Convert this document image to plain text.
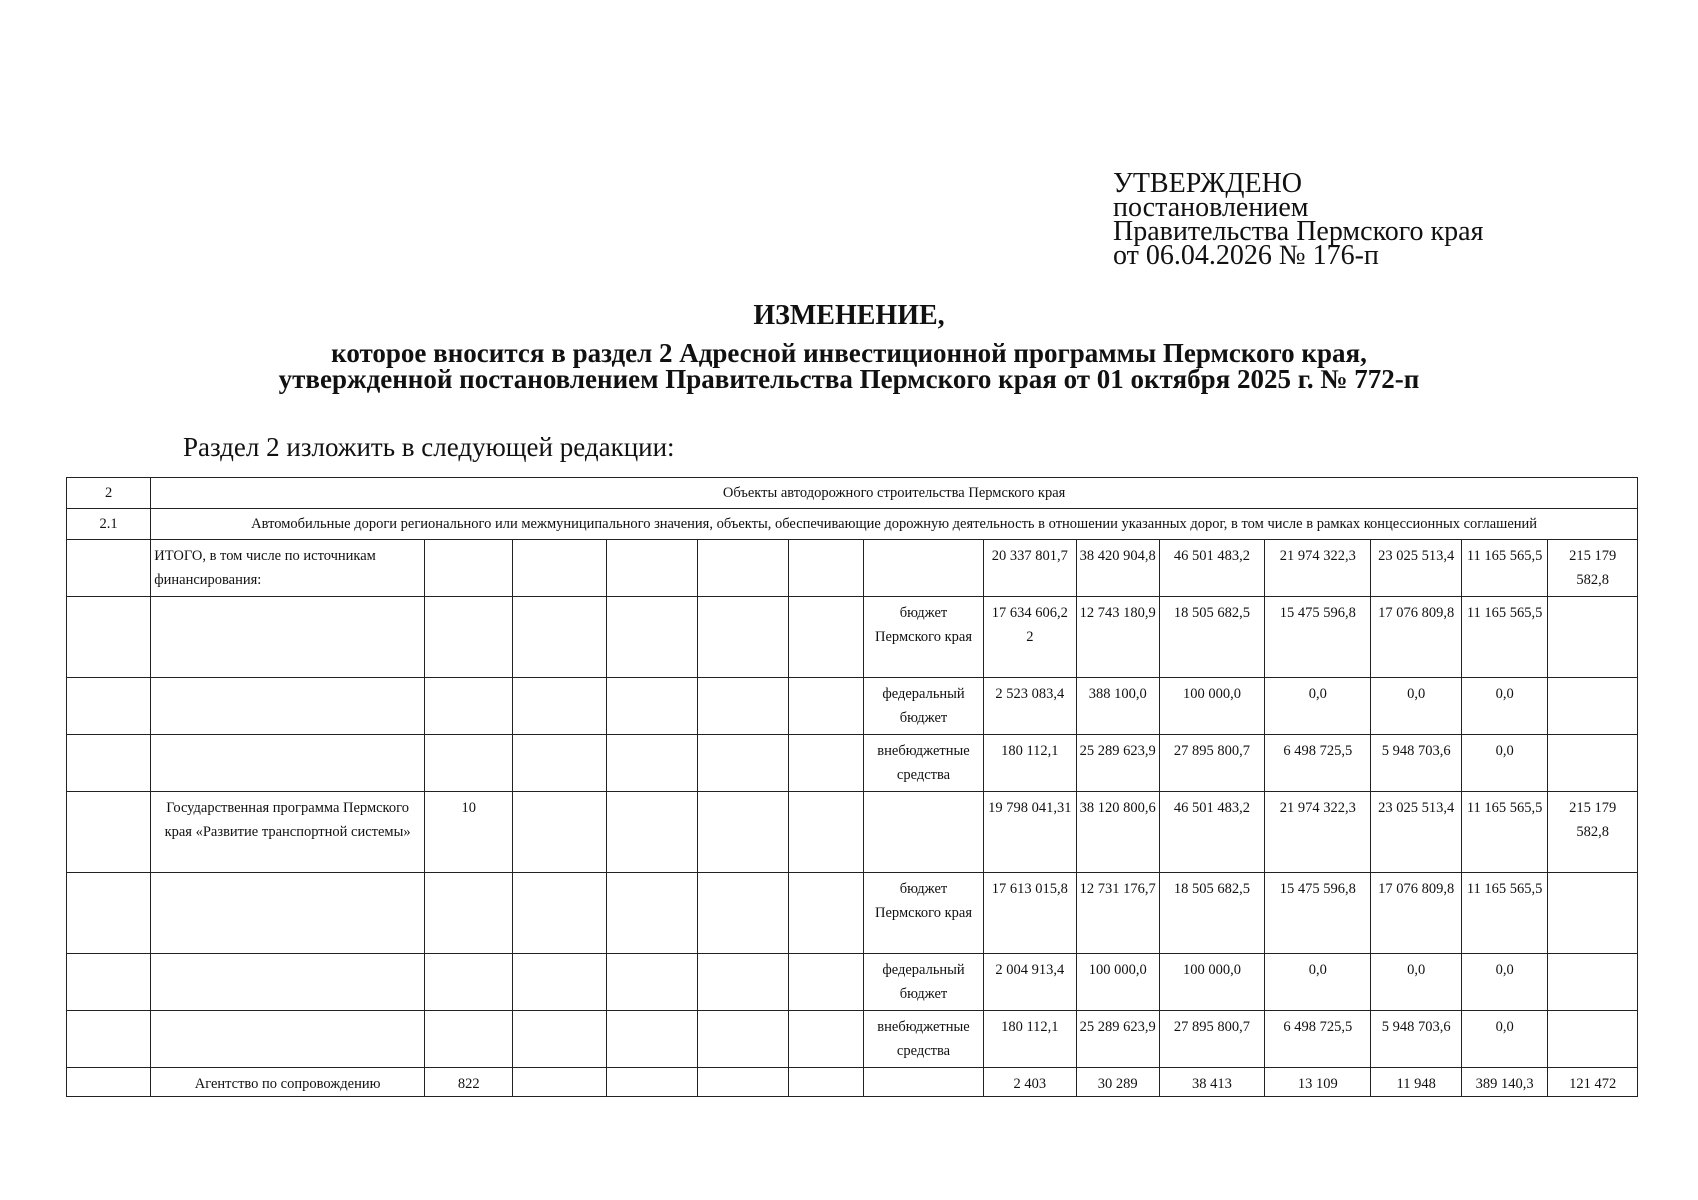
УТВЕРЖДЕНО
постановлением
Правительства Пермского края
от 06.04.2026 № 176-п
ИЗМЕНЕНИЕ,
которое вносится в раздел 2 Адресной инвестиционной программы Пермского края,
утвержденной постановлением Правительства Пермского края от 01 октября 2025 г. № 772-п
Раздел 2 изложить в следующей редакции:
2	Объекты автодорожного строительства Пермского края													
2.1	Автомобильные дороги регионального или межмуниципального значения, объекты, обеспечивающие дорожную деятельность в отношении указанных дорог, в том числе в рамках концессионных соглашений													
	ИТОГО, в том числе по источникам финансирования:							20 337 801,7	38 420 904,8	46 501 483,2	21 974 322,3	23 025 513,4	11 165 565,5	215 179 582,8
							бюджет Пермского края	17 634 606,2 2	12 743 180,9	18 505 682,5	15 475 596,8	17 076 809,8	11 165 565,5	
							федеральный бюджет	2 523 083,4	388 100,0	100 000,0	0,0	0,0	0,0	
							внебюджетные средства	180 112,1	25 289 623,9	27 895 800,7	6 498 725,5	5 948 703,6	0,0	
	Государственная программа Пермского края «Развитие транспортной системы»	10						19 798 041,31	38 120 800,6	46 501 483,2	21 974 322,3	23 025 513,4	11 165 565,5	215 179 582,8
							бюджет Пермского края	17 613 015,8	12 731 176,7	18 505 682,5	15 475 596,8	17 076 809,8	11 165 565,5	
							федеральный бюджет	2 004 913,4	100 000,0	100 000,0	0,0	0,0	0,0	
							внебюджетные средства	180 112,1	25 289 623,9	27 895 800,7	6 498 725,5	5 948 703,6	0,0	
	Агентство по сопровождению	822						2 403	30 289	38 413	13 109	11 948	389 140,3	121 472
